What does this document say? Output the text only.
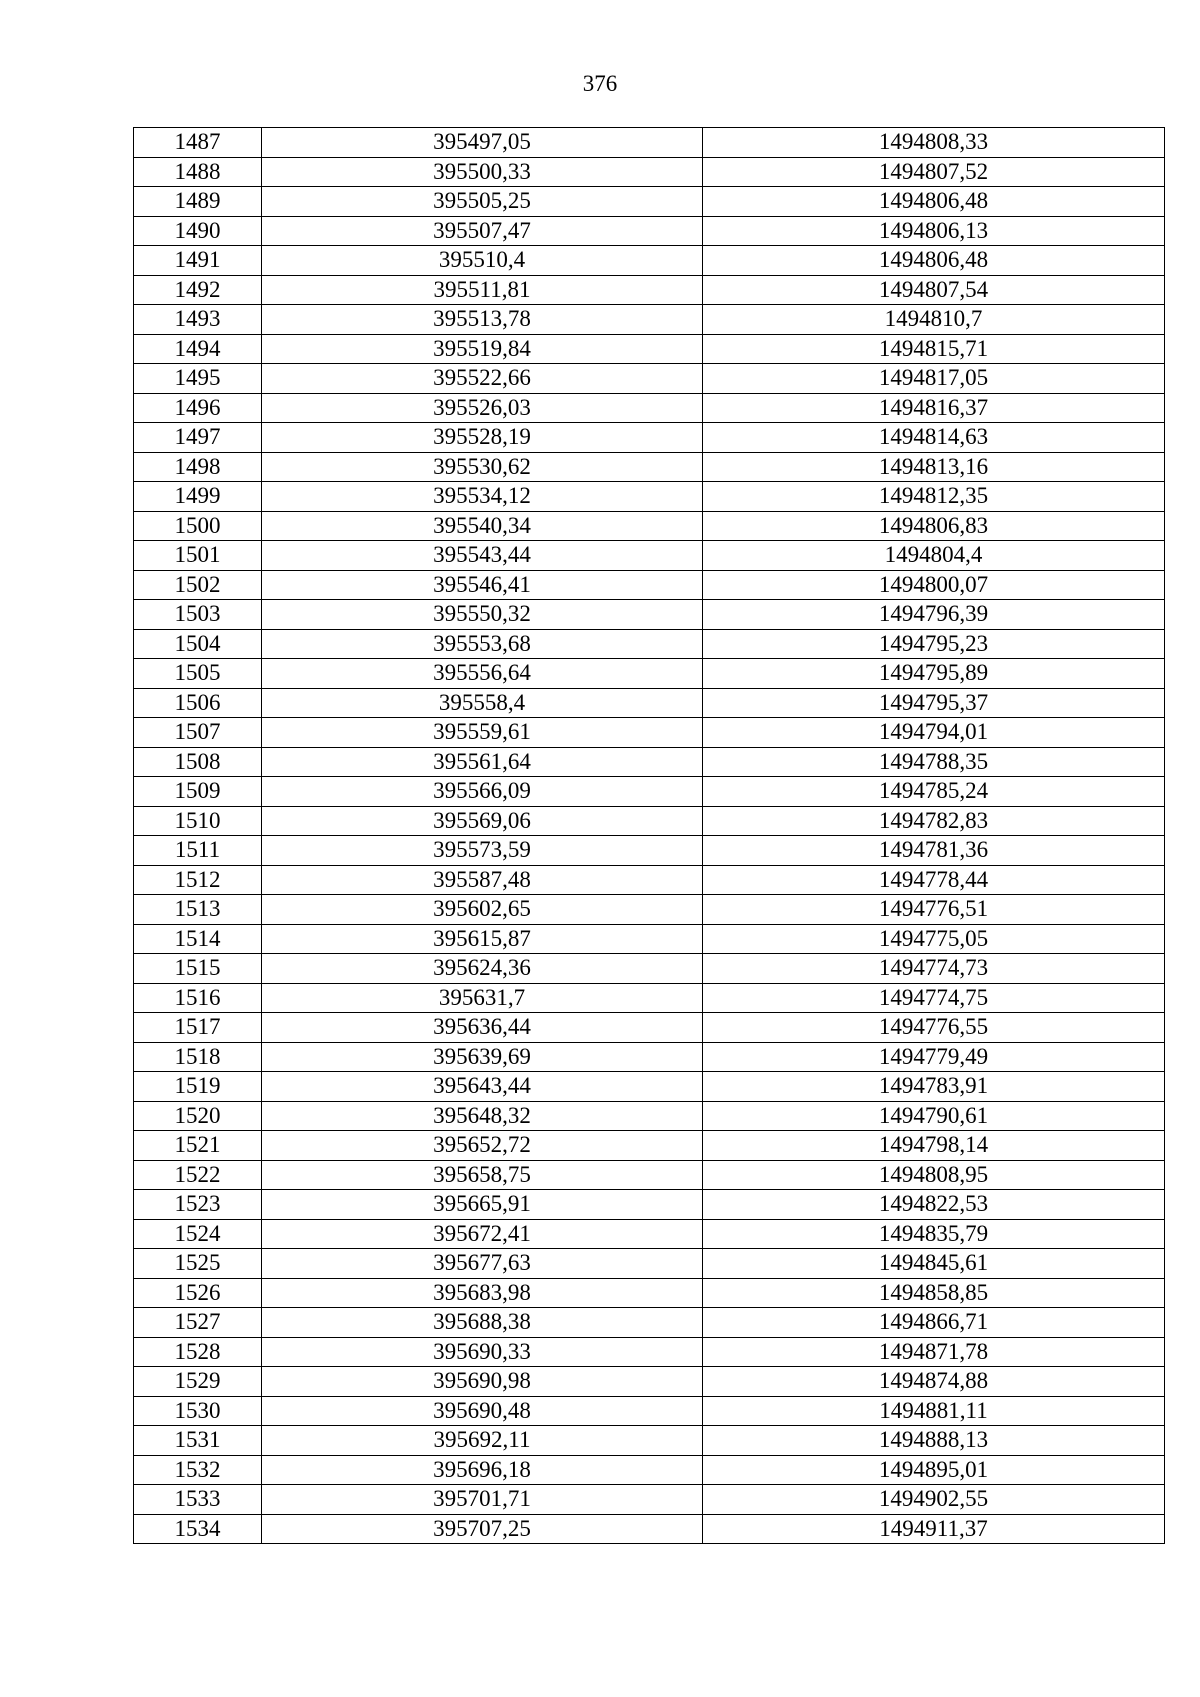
376
1487	395497,05	1494808,33
1488	395500,33	1494807,52
1489	395505,25	1494806,48
1490	395507,47	1494806,13
1491	395510,4	1494806,48
1492	395511,81	1494807,54
1493	395513,78	1494810,7
1494	395519,84	1494815,71
1495	395522,66	1494817,05
1496	395526,03	1494816,37
1497	395528,19	1494814,63
1498	395530,62	1494813,16
1499	395534,12	1494812,35
1500	395540,34	1494806,83
1501	395543,44	1494804,4
1502	395546,41	1494800,07
1503	395550,32	1494796,39
1504	395553,68	1494795,23
1505	395556,64	1494795,89
1506	395558,4	1494795,37
1507	395559,61	1494794,01
1508	395561,64	1494788,35
1509	395566,09	1494785,24
1510	395569,06	1494782,83
1511	395573,59	1494781,36
1512	395587,48	1494778,44
1513	395602,65	1494776,51
1514	395615,87	1494775,05
1515	395624,36	1494774,73
1516	395631,7	1494774,75
1517	395636,44	1494776,55
1518	395639,69	1494779,49
1519	395643,44	1494783,91
1520	395648,32	1494790,61
1521	395652,72	1494798,14
1522	395658,75	1494808,95
1523	395665,91	1494822,53
1524	395672,41	1494835,79
1525	395677,63	1494845,61
1526	395683,98	1494858,85
1527	395688,38	1494866,71
1528	395690,33	1494871,78
1529	395690,98	1494874,88
1530	395690,48	1494881,11
1531	395692,11	1494888,13
1532	395696,18	1494895,01
1533	395701,71	1494902,55
1534	395707,25	1494911,37
